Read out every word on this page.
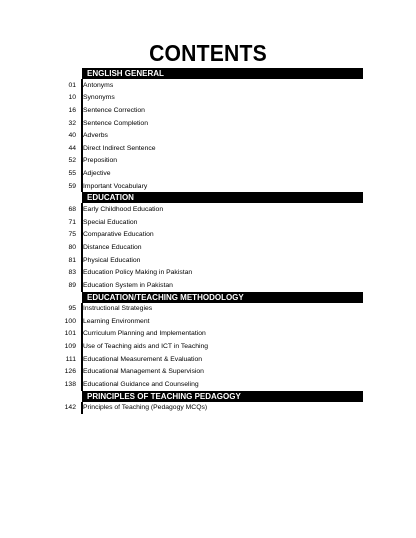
CONTENTS
ENGLISH GENERAL
01	Antonyms
10	Synonyms
16	Sentence Correction
32	Sentence Completion
40	Adverbs
44	Direct Indirect Sentence
52	Preposition
55	Adjective
59	Important Vocabulary
EDUCATION
68	Early Childhood Education
71	Special Education
75	Comparative Education
80	Distance Education
81	Physical Education
83	Education Policy Making in Pakistan
89	Education System in Pakistan
EDUCATION/TEACHING METHODOLOGY
95	Instructional Strategies
100	Learning Environment
101	Curriculum Planning and Implementation
109	Use of Teaching aids and ICT in Teaching
111	Educational Measurement & Evaluation
126	Educational Management & Supervision
138	Educational Guidance and Counseling
PRINCIPLES OF TEACHING PEDAGOGY
142	Principles of Teaching (Pedagogy MCQs)
